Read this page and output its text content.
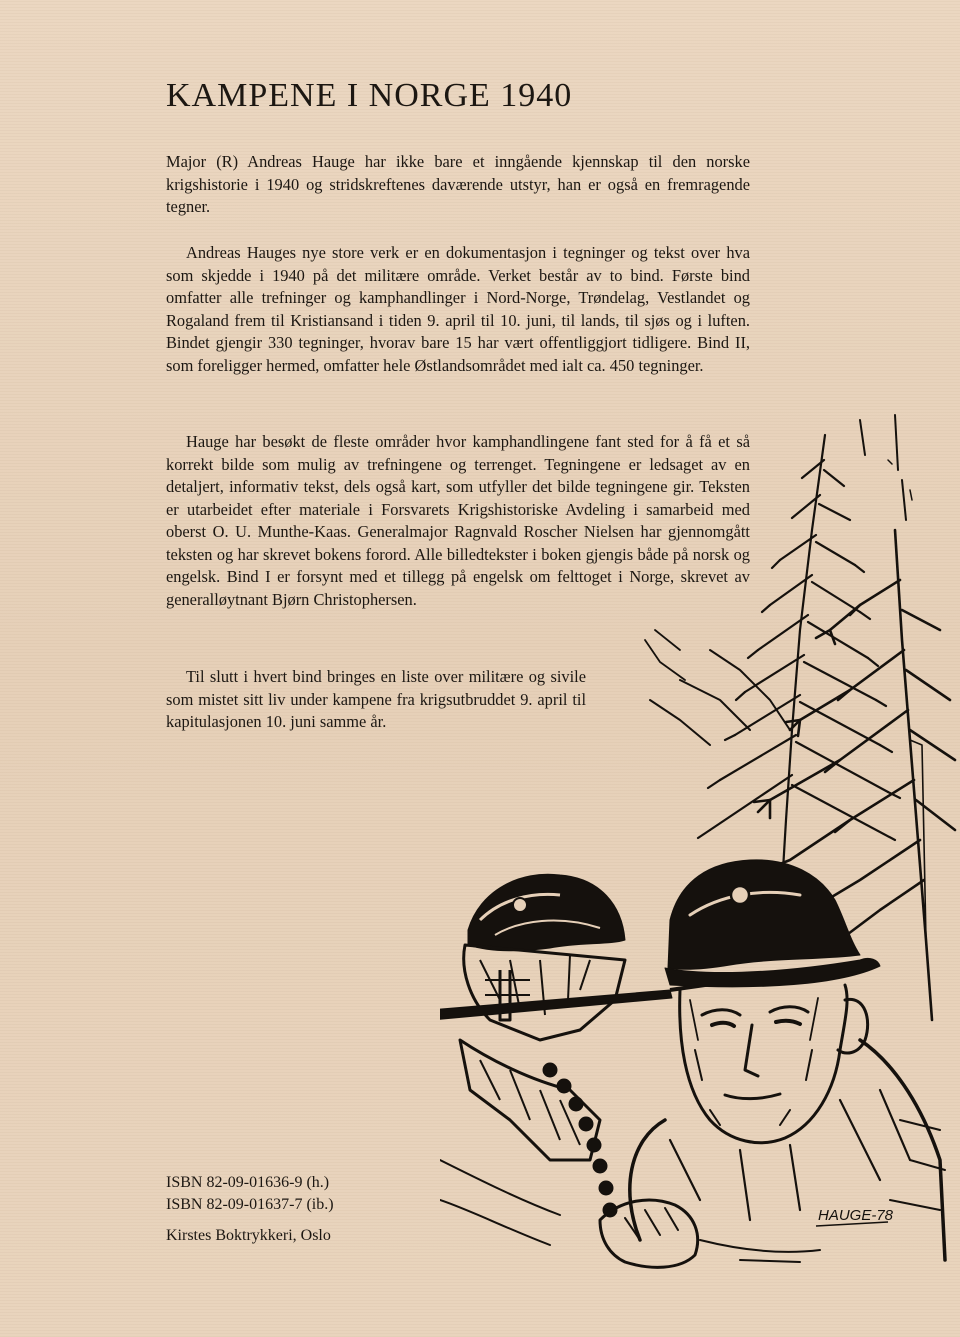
KAMPENE I NORGE 1940

Major (R) Andreas Hauge har ikke bare et inngående kjennskap til den norske krigshistorie i 1940 og stridskreftenes daværende utstyr, han er også en fremragende tegner.

Andreas Hauges nye store verk er en dokumentasjon i tegninger og tekst over hva som skjedde i 1940 på det militære område. Verket består av to bind. Første bind omfatter alle trefninger og kamphandlinger i Nord-Norge, Trøndelag, Vestlandet og Rogaland frem til Kristiansand i tiden 9. april til 10. juni, til lands, til sjøs og i luften. Bindet gjengir 330 tegninger, hvorav bare 15 har vært offentliggjort tidligere. Bind II, som foreligger hermed, omfatter hele Østlandsområdet med ialt ca. 450 tegninger.

Hauge har besøkt de fleste områder hvor kamphandlingene fant sted for å få et så korrekt bilde som mulig av trefningene og terrenget. Tegningene er ledsaget av en detaljert, informativ tekst, dels også kart, som utfyller det bilde tegningene gir. Teksten er utarbeidet efter materiale i Forsvarets Krigshistoriske Avdeling i samarbeid med oberst O. U. Munthe-Kaas. Generalmajor Ragnvald Roscher Nielsen har gjennomgått teksten og har skrevet bokens forord. Alle billedtekster i boken gjengis både på norsk og engelsk. Bind I er forsynt med et tillegg på engelsk om felttoget i Norge, skrevet av generalløytnant Bjørn Christophersen.

Til slutt i hvert bind bringes en liste over militære og sivile som mistet sitt liv under kampene fra krigsutbruddet 9. april til kapitulasjonen 10. juni samme år.

HAUGE-78
ISBN 82-09-01636-9 (h.)
ISBN 82-09-01637-7 (ib.)
Kirstes Boktrykkeri, Oslo
